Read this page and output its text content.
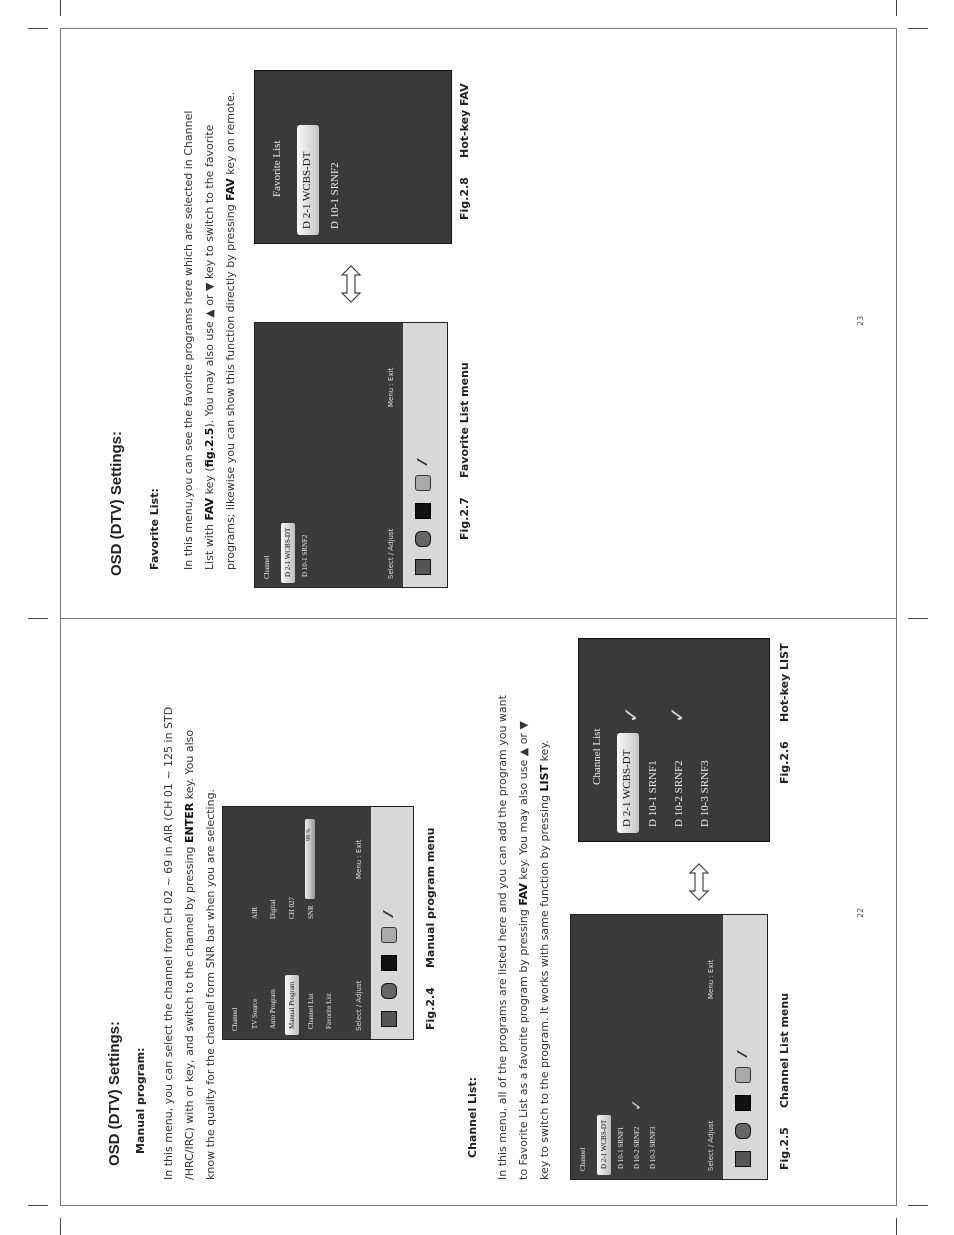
OSD (DTV) Settings: Manual program:	In this menu, you can select the channel from CH 02 ~ 69 in AIR (CH 01 ~ 125 in STD /HRC/IRC) with or key, and switch to the channel by pressing ENTER key. You also
know the quality for the channel form SNR bar when you are selecting.	Channel TV Source Auto Program Manual Program Channel List Favorite List
AIR Digital CH 027 SNR
99 %
Select / Adjust
Menu : Exit
Fig.2.4     Manual program menu
Channel List:	In this menu, all of the programs are listed here and you can add the program you want to Favorite List as a favorite program by pressing FAV key. You may also use ▲ or ▼ key to switch to the program. It works with same function by pressing LIST key.
Channel D 2-1 WCBS-DT D 10-1 SRNF1 D 10-2 SRNF2 D 10-3 SRNF3
✓
Select / Adjust
Menu : Exit
Fig.2.5     Channel List menu
Channel List D 2-1 WCBS-DT D 10-1 SRNF1 D 10-2 SRNF2 D 10-3 SRNF3
✓ ✓
Fig.2.6     Hot-key LIST
22
OSD (DTV) Settings: Favorite List:	In this menu,you can see the favorite programs here which are selected in Channel List with FAV key (fig.2.5). You may also use ▲ or ▼ key to switch to the favorite programs; likewise you can show this function directly by pressing FAV key on remote.
Channel D 2-1 WCBS-DT D 10-1 SRNF2	Select / Adjust
Menu : Exit
Fig.2.7     Favorite List menu
Favorite List D 2-1 WCBS-DT D 10-1 SRNF2	Fig.2.8     Hot-key FAV
23
